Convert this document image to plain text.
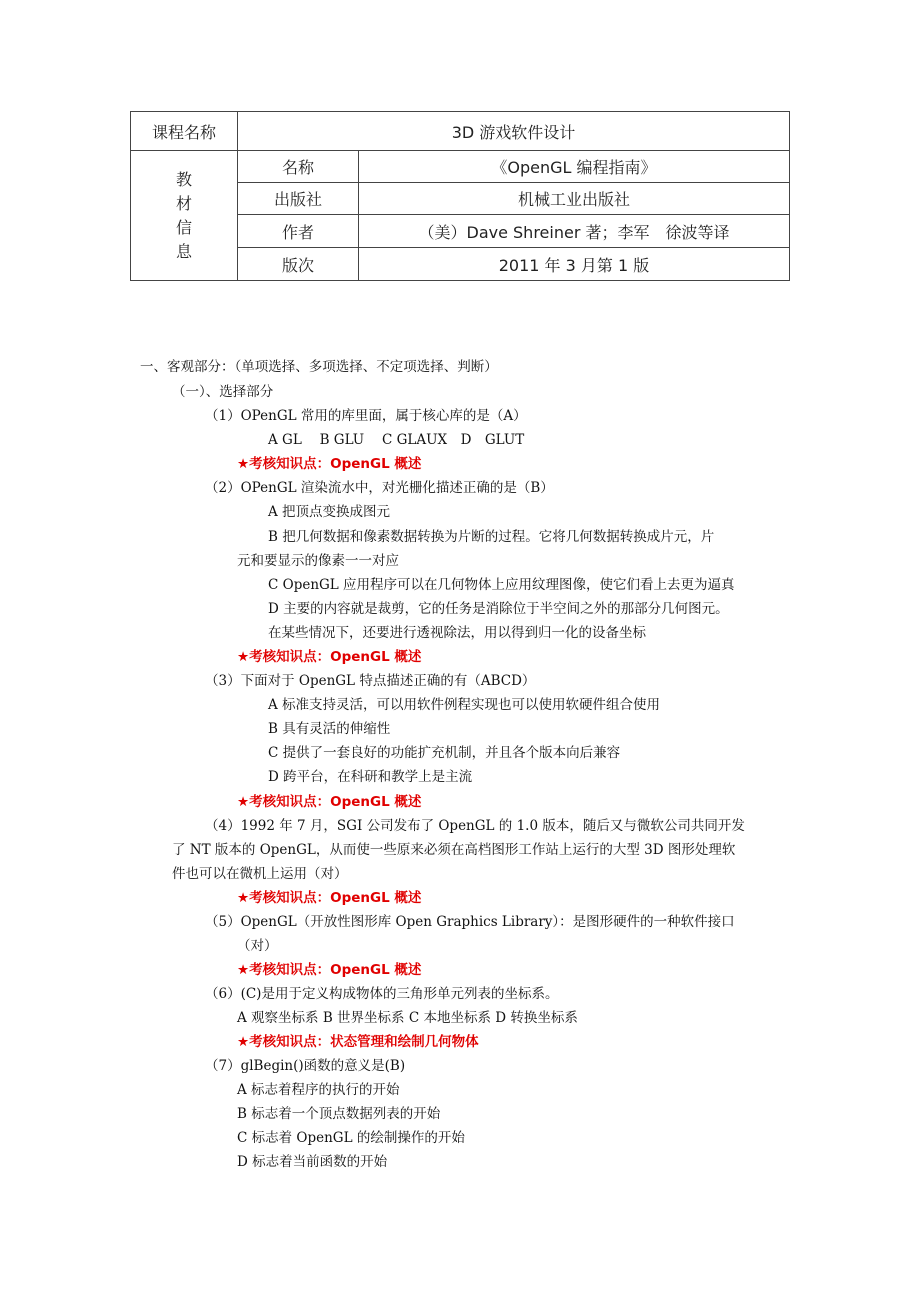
课程名称	3D 游戏软件设计	

教
材
信
息	名称	《OpenGL 编程指南》
	出版社	机械工业出版社
	作者	（美）Dave Shreiner 著；李军　徐波等译
	版次	2011 年 3 月第 1 版
一、客观部分：（单项选择、多项选择、不定项选择、判断）
（一）、选择部分
（1）OPenGL 常用的库里面，属于核心库的是（A）
A GL　 B GLU　 C GLAUX　D　GLUT
★考核知识点：OpenGL 概述
（2）OPenGL 渲染流水中，对光栅化描述正确的是（B）
A 把顶点变换成图元
B 把几何数据和像素数据转换为片断的过程。它将几何数据转换成片元，片
元和要显示的像素一一对应
C OpenGL 应用程序可以在几何物体上应用纹理图像，使它们看上去更为逼真
D 主要的内容就是裁剪，它的任务是消除位于半空间之外的那部分几何图元。
在某些情况下，还要进行透视除法，用以得到归一化的设备坐标
★考核知识点：OpenGL 概述
（3）下面对于 OpenGL 特点描述正确的有（ABCD）
A 标准支持灵活，可以用软件例程实现也可以使用软硬件组合使用
B 具有灵活的伸缩性
C 提供了一套良好的功能扩充机制，并且各个版本向后兼容
D 跨平台，在科研和教学上是主流
★考核知识点：OpenGL 概述
（4）1992 年 7 月，SGI 公司发布了 OpenGL 的 1.0 版本，随后又与微软公司共同开发
了 NT 版本的 OpenGL，从而使一些原来必须在高档图形工作站上运行的大型 3D 图形处理软
件也可以在微机上运用（对）
★考核知识点：OpenGL 概述
（5）OpenGL（开放性图形库 Open Graphics Library）：是图形硬件的一种软件接口
（对）
★考核知识点：OpenGL 概述
（6）(C)是用于定义构成物体的三角形单元列表的坐标系。
A 观察坐标系 B 世界坐标系 C 本地坐标系 D 转换坐标系
★考核知识点：状态管理和绘制几何物体
（7）glBegin()函数的意义是(B)
A 标志着程序的执行的开始
B 标志着一个顶点数据列表的开始
C 标志着 OpenGL 的绘制操作的开始
D 标志着当前函数的开始
